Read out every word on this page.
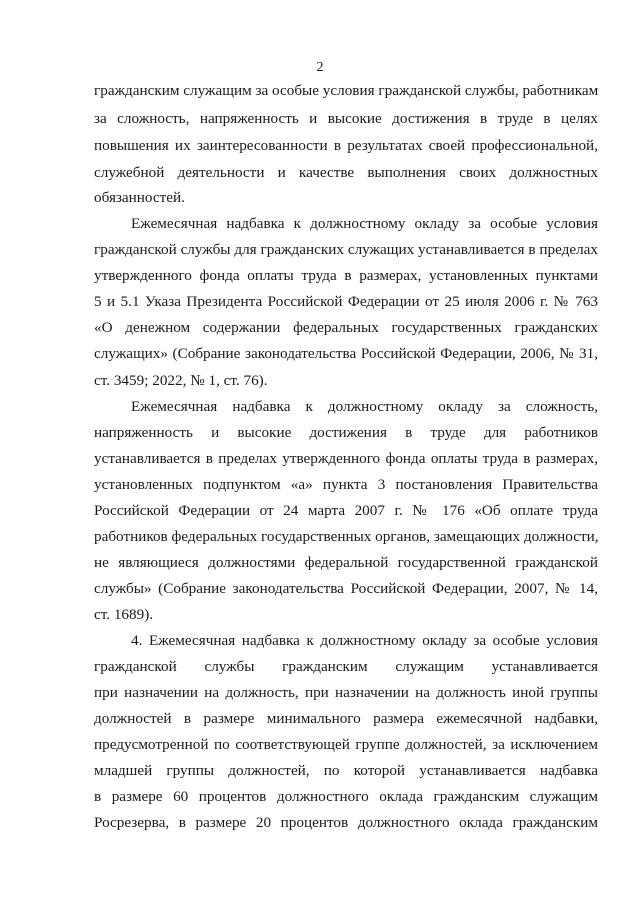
2
гражданским служащим за особые условия гражданской службы, работникам
за сложность, напряженность и высокие достижения в труде в целях
повышения их заинтересованности в результатах своей профессиональной,
служебной деятельности и качестве выполнения своих должностных
обязанностей.
Ежемесячная надбавка к должностному окладу за особые условия
гражданской службы для гражданских служащих устанавливается в пределах
утвержденного фонда оплаты труда в размерах, установленных пунктами
5 и 5.1 Указа Президента Российской Федерации от 25 июля 2006 г. № 763
«О денежном содержании федеральных государственных гражданских
служащих» (Собрание законодательства Российской Федерации, 2006, № 31,
ст. 3459; 2022, № 1, ст. 76).
Ежемесячная надбавка к должностному окладу за сложность,
напряженность и высокие достижения в труде для работников
устанавливается в пределах утвержденного фонда оплаты труда в размерах,
установленных подпунктом «а» пункта 3 постановления Правительства
Российской Федерации от 24 марта 2007 г. № 176 «Об оплате труда
работников федеральных государственных органов, замещающих должности,
не являющиеся должностями федеральной государственной гражданской
службы» (Собрание законодательства Российской Федерации, 2007, № 14,
ст. 1689).
4. Ежемесячная надбавка к должностному окладу за особые условия
гражданской службы гражданским служащим устанавливается
при назначении на должность, при назначении на должность иной группы
должностей в размере минимального размера ежемесячной надбавки,
предусмотренной по соответствующей группе должностей, за исключением
младшей группы должностей, по которой устанавливается надбавка
в размере 60 процентов должностного оклада гражданским служащим
Росрезерва, в размере 20 процентов должностного оклада гражданским
